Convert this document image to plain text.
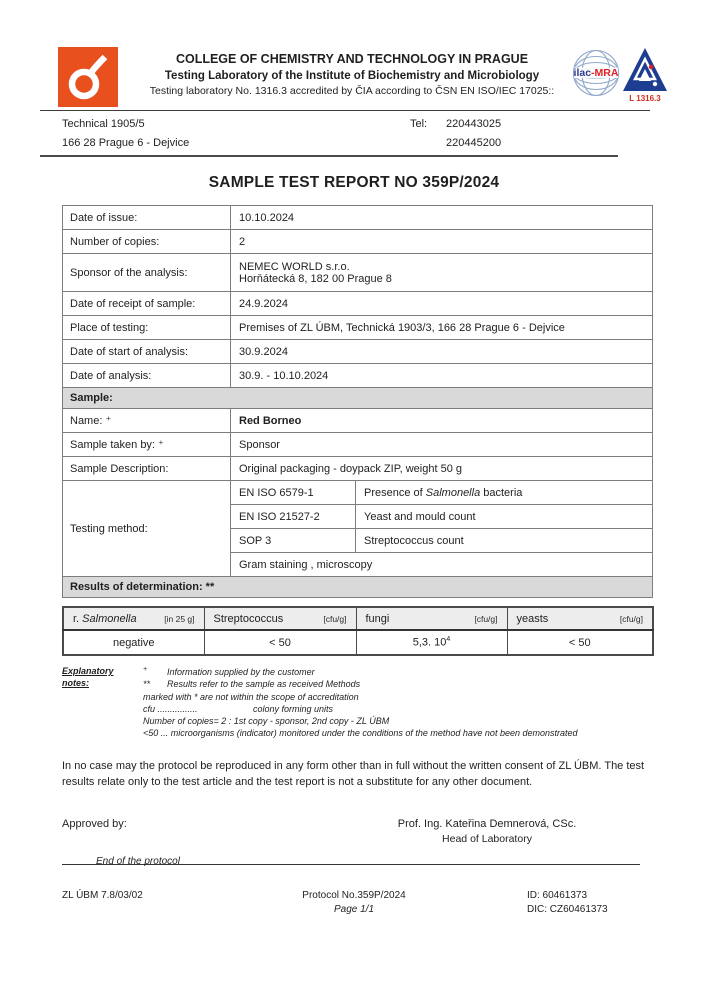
COLLEGE OF CHEMISTRY AND TECHNOLOGY IN PRAGUE
Testing Laboratory of the Institute of Biochemistry and Microbiology
Testing laboratory No. 1316.3 accredited by ČIA according to ČSN EN ISO/IEC 17025::
ilac-MRA
L 1316.3
Technical 1905/5
166 28 Prague 6 - Dejvice
Tel:	220443025
220445200
SAMPLE TEST REPORT NO 359P/2024
Date of issue:	10.10.2024	
Number of copies:	2	
Sponsor of the analysis:	NEMEC WORLD s.r.o.
Horňátecká 8, 182 00 Prague 8	

Date of receipt of sample:	24.9.2024	
Place of testing:	Premises of ZL ÚBM, Technická 1903/3, 166 28 Prague 6 - Dejvice	
Date of start of analysis:	30.9.2024	
Date of analysis:	30.9. - 10.10.2024	
Sample:		
Name: ⁺	Red Borneo	
Sample taken by: ⁺	Sponsor	
Sample Description:	Original packaging - doypack ZIP, weight 50 g	
Testing method:	EN ISO 6579-1	Presence of Salmonella bacteria
	EN ISO 21527-2	Yeast and mould count
	SOP 3	Streptococcus count
	Gram staining , microscopy	
Results of determination: **		
r. Salmonella [in 25 g]	Streptococcus [cfu/g]	fungi [cfu/g]	yeasts [cfu/g]

negative	< 50	5,3. $10^4$	< 50
Explanatory notes:
+ Information supplied by the customer
** Results refer to the sample as received Methods
marked with * are not within the scope of accreditation
cfu ................	colony forming units
Number of copies= 2 : 1st copy - sponsor, 2nd copy - ZL ÚBM
<50 ... microorganisms (indicator) monitored under the conditions of the method have not been demonstrated
In no case may the protocol be reproduced in any form other than in full without the written consent of ZL ÚBM. The test results relate only to the test article and the test report is not a substitute for any other document.
Approved by:	Prof. Ing. Kateřina Demnerová, CSc.
Head of Laboratory
End of the protocol
ZL ÚBM 7.8/03/02	Protocol No.359P/2024
Page 1/1
ID: 60461373
DIC: CZ60461373
